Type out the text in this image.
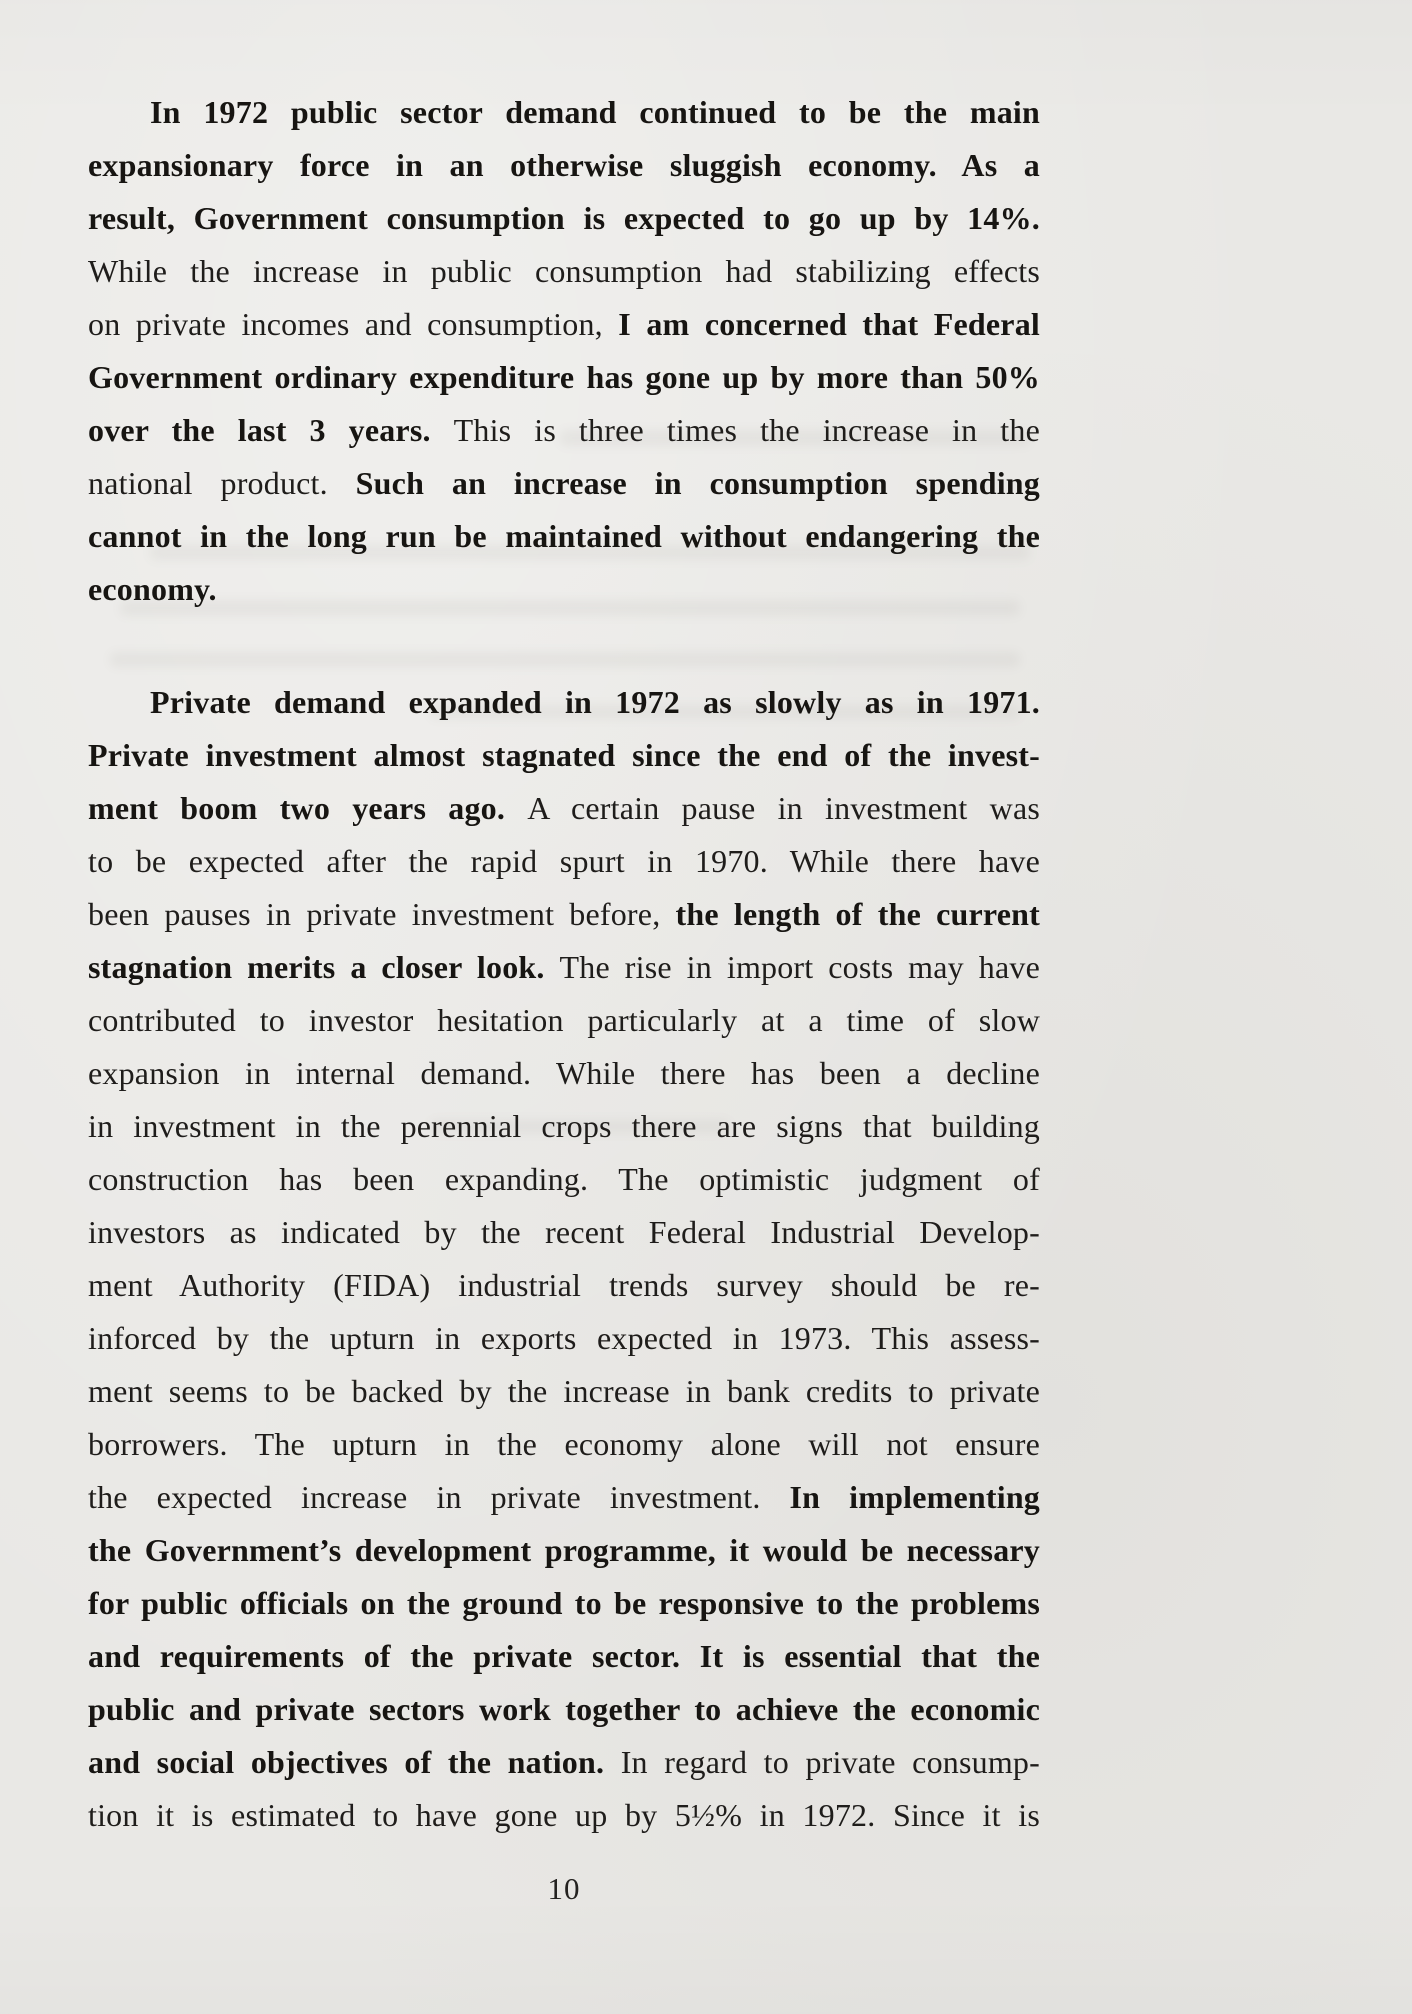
In 1972 public sector demand continued to be the main
expansionary force in an otherwise sluggish economy. As a
result, Government consumption is expected to go up by 14%.
While the increase in public consumption had stabilizing effects
on private incomes and consumption, I am concerned that Federal
Government ordinary expenditure has gone up by more than 50%
over the last 3 years. This is three times the increase in the
national product. Such an increase in consumption spending
cannot in the long run be maintained without endangering the
economy.
Private demand expanded in 1972 as slowly as in 1971.
Private investment almost stagnated since the end of the invest-
ment boom two years ago. A certain pause in investment was
to be expected after the rapid spurt in 1970. While there have
been pauses in private investment before, the length of the current
stagnation merits a closer look. The rise in import costs may have
contributed to investor hesitation particularly at a time of slow
expansion in internal demand. While there has been a decline
in investment in the perennial crops there are signs that building
construction has been expanding. The optimistic judgment of
investors as indicated by the recent Federal Industrial Develop-
ment Authority (FIDA) industrial trends survey should be re-
inforced by the upturn in exports expected in 1973. This assess-
ment seems to be backed by the increase in bank credits to private
borrowers. The upturn in the economy alone will not ensure
the expected increase in private investment. In implementing
the Government’s development programme, it would be necessary
for public officials on the ground to be responsive to the problems
and requirements of the private sector. It is essential that the
public and private sectors work together to achieve the economic
and social objectives of the nation. In regard to private consump-
tion it is estimated to have gone up by 5½% in 1972. Since it is
10
